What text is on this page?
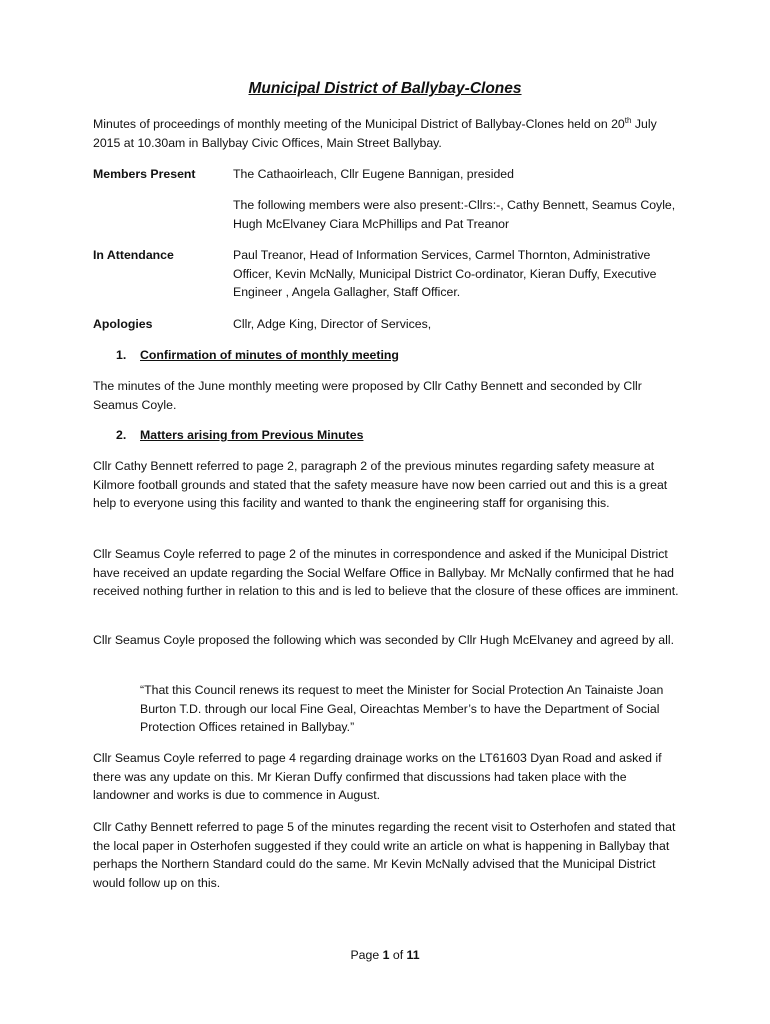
Municipal District of Ballybay-Clones

Minutes of proceedings of monthly meeting of the Municipal District of Ballybay-Clones held on 20th July 2015 at 10.30am in Ballybay Civic Offices, Main Street Ballybay.

Members Present	The Cathaoirleach, Cllr Eugene Bannigan, presided

The following members were also present:-Cllrs:-, Cathy Bennett, Seamus Coyle, Hugh McElvaney Ciara McPhillips and Pat Treanor

In Attendance	Paul Treanor, Head of Information Services, Carmel Thornton, Administrative Officer, Kevin McNally, Municipal District Co-ordinator, Kieran Duffy, Executive Engineer , Angela Gallagher, Staff Officer.

Apologies	Cllr, Adge King, Director of Services,

1. Confirmation of minutes of monthly meeting

The minutes of the June monthly meeting were proposed by Cllr Cathy Bennett and seconded by Cllr Seamus Coyle.

2. Matters arising from Previous Minutes

Cllr Cathy Bennett referred to page 2, paragraph 2 of the previous minutes regarding safety measure at Kilmore football grounds and stated that the safety measure have now been carried out and this is a great help to everyone using this facility and wanted to thank the engineering staff for organising this.

Cllr Seamus Coyle referred to page 2 of the minutes in correspondence and asked if the Municipal District have received an update regarding the Social Welfare Office in Ballybay. Mr McNally confirmed that he had received nothing further in relation to this and is led to believe that the closure of these offices are imminent.

Cllr Seamus Coyle proposed the following which was seconded by Cllr Hugh McElvaney and agreed by all.

“That this Council renews its request to meet the Minister for Social Protection An Tainaiste Joan Burton T.D. through our local Fine Geal, Oireachtas Member’s to have the Department of Social Protection Offices retained in Ballybay.”

Cllr Seamus Coyle referred to page 4 regarding drainage works on the LT61603 Dyan Road and asked if there was any update on this. Mr Kieran Duffy confirmed that discussions had taken place with the landowner and works is due to commence in August.

Cllr Cathy Bennett referred to page 5 of the minutes regarding the recent visit to Osterhofen and stated that the local paper in Osterhofen suggested if they could write an article on what is happening in Ballybay that perhaps the Northern Standard could do the same. Mr Kevin McNally advised that the Municipal District would follow up on this.

Page 1 of 11
